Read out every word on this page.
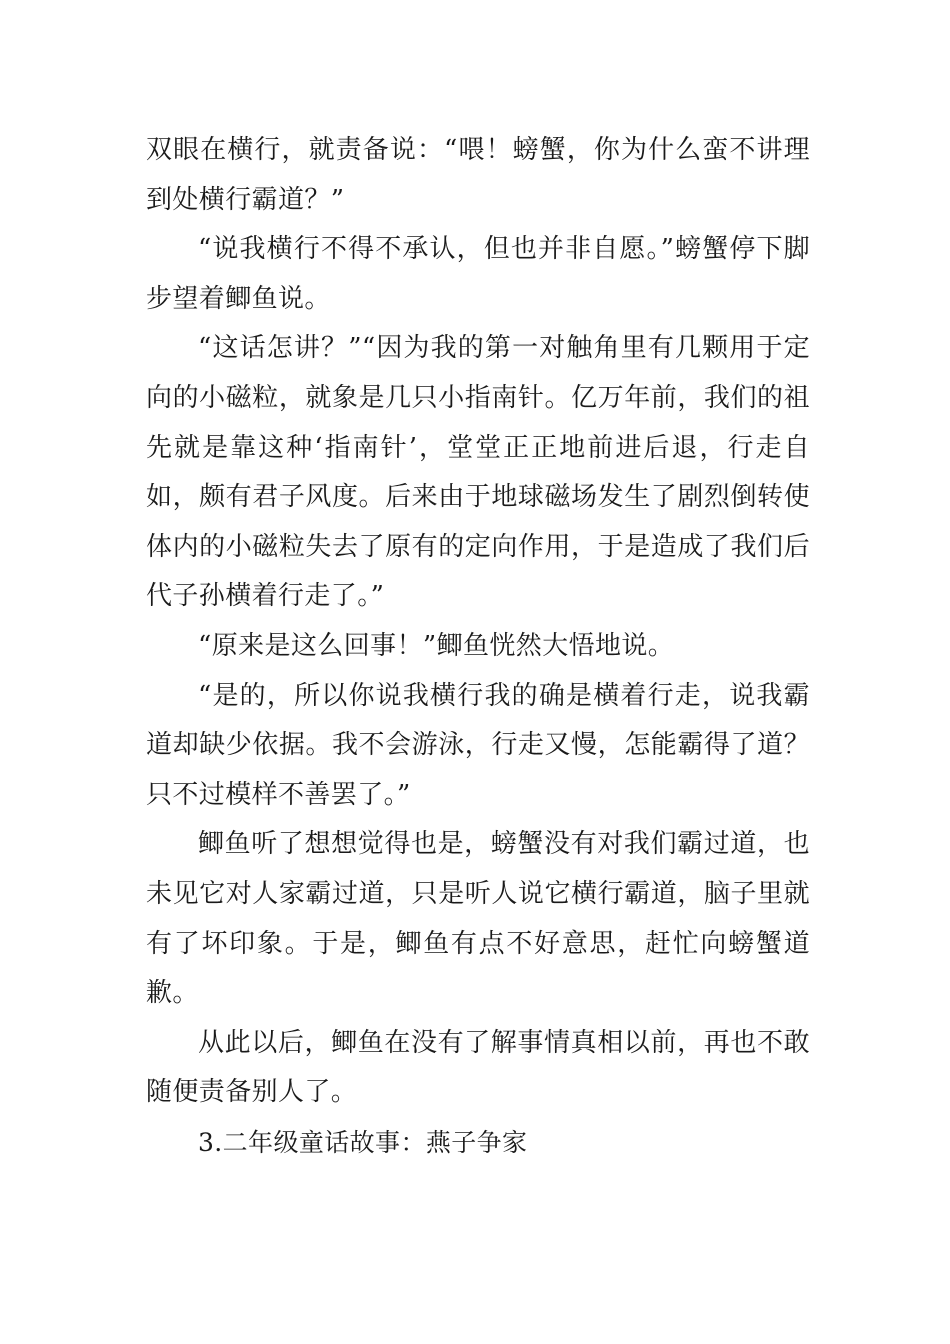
双眼在横行，就责备说：“喂！螃蟹，你为什么蛮不讲理到处横行霸道？”

“说我横行不得不承认，但也并非自愿。”螃蟹停下脚步望着鲫鱼说。

“这话怎讲？”“因为我的第一对触角里有几颗用于定向的小磁粒，就象是几只小指南针。亿万年前，我们的祖先就是靠这种‘指南针’，堂堂正正地前进后退，行走自如，颇有君子风度。后来由于地球磁场发生了剧烈倒转使体内的小磁粒失去了原有的定向作用，于是造成了我们后代子孙横着行走了。”

“原来是这么回事！”鲫鱼恍然大悟地说。

“是的，所以你说我横行我的确是横着行走，说我霸道却缺少依据。我不会游泳，行走又慢，怎能霸得了道？只不过模样不善罢了。”

鲫鱼听了想想觉得也是，螃蟹没有对我们霸过道，也未见它对人家霸过道，只是听人说它横行霸道，脑子里就有了坏印象。于是，鲫鱼有点不好意思，赶忙向螃蟹道歉。

从此以后，鲫鱼在没有了解事情真相以前，再也不敢随便责备别人了。

3.二年级童话故事：燕子争家
